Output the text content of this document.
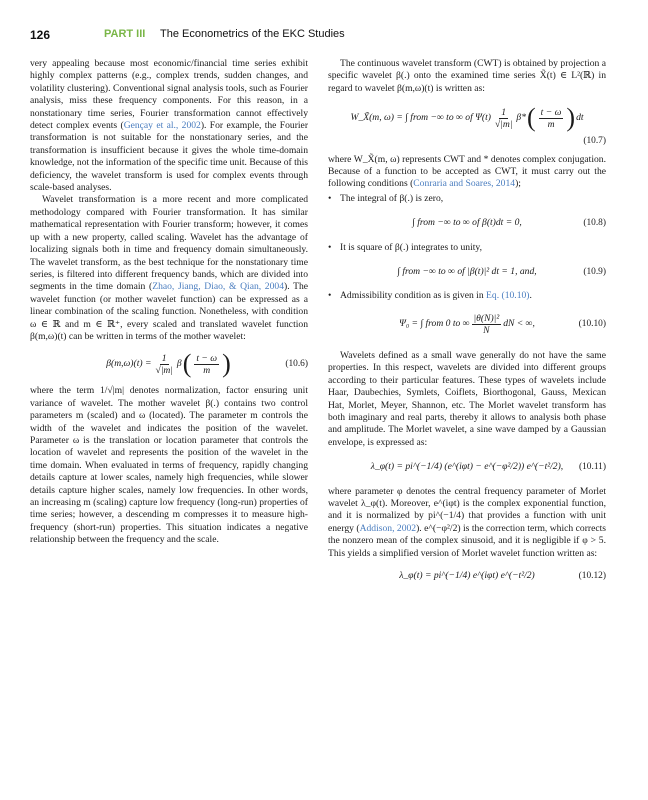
126	PART III The Econometrics of the EKC Studies

very appealing because most economic/financial time series exhibit highly complex patterns (e.g., complex trends, sudden changes, and volatility clustering). Conventional signal analysis tools, such as Fourier analysis, miss these frequency components. For this reason, in a nonstationary time series, Fourier transformation cannot effectively detect complex events (Gençay et al., 2002). For example, the Fourier transformation is not suitable for the nonstationary series, and the transformation is insufficient because it gives the whole time-domain knowledge, not the information of the specific time unit. Because of this deficiency, the wavelet transform is used for complex events through scale-based analyses.

Wavelet transformation is a more recent and more complicated methodology compared with Fourier transformation. It has similar mathematical representation with Fourier transform; however, it comes up with a new property, called scaling. Wavelet has the advantage of localizing signals both in time and frequency domain simultaneously. The wavelet transform, as the best technique for the nonstationary time series, is filtered into different frequency bands, which are divided into segments in the time domain (Zhao, Jiang, Diao, & Qian, 2004). The wavelet function (or mother wavelet function) can be expressed as a linear combination of the scaling function. Nonetheless, with condition ω ∈ ℝ and m ∈ ℝ⁺, every scaled and translated wavelet function β(m,ω)(t) can be written in terms of the mother wavelet:

$\beta(m,\omega)(t) = \frac{1}{√|m|}$ β ( $\frac{t - \omega}{m}$ )	(10.6)

where the term 1/√|m| denotes normalization, factor ensuring unit variance of wavelet. The mother wavelet β(.) contains two control parameters m (scaled) and ω (located). The parameter m controls the width of the wavelet and indicates the position of the wavelet. Parameter ω is the translation or location parameter that controls the location of wavelet and represents the position of the wavelet in the time domain. When evaluated in terms of frequency, rapidly changing details capture at lower scales, namely high frequencies, while slower details capture higher scales, namely low frequencies. In other words, an increasing m (scaling) capture low frequency (long-run) properties of time series; however, a descending m compresses it to measure high-frequency (short-run) properties. This situation indicates a negative relationship between the frequency and the scale.

The continuous wavelet transform (CWT) is obtained by projection a specific wavelet β(.) onto the examined time series X̃(t) ∈ L²(ℝ) in regard to wavelet β(m,ω)(t) is written as:

W_X̃(m, ω) =
∫ from −∞ to ∞ of $\Psi(t) \frac{1}{√|m|} \beta*$ ( $\frac{t - \omega}{m}$ ) dt
(10.7)

where W_X̃(m, ω) represents CWT and * denotes complex conjugation. Because of a function to be accepted as CWT, it must carry out the following conditions (Conraria and Soares, 2014);

• The integral of β(.) is zero,
∫ from −∞ to ∞ of β(t)dt = 0,	(10.8)
• It is square of β(.) integrates to unity,
∫ from −∞ to ∞ of |β(t)|² dt = 1, and,	(10.9)
• Admissibility condition as is given in Eq. (10.10).
Ψ₀ =
∫ from 0 to ∞ $\frac{\text{|θ(N)|²}}{N}$ dN < ∞,	(10.10)

Wavelets defined as a small wave generally do not have the same properties. In this respect, wavelets are divided into different groups according to their particular features. These types of wavelets include Haar, Daubechies, Symlets, Coiflets, Biorthogonal, Gauss, Mexican Hat, Morlet, Meyer, Shannon, etc. The Morlet wavelet transform has both imaginary and real parts, thereby it allows to analysis both phase and amplitude. The Morlet wavelet, a sine wave damped by a Gaussian envelope, is expressed as:

λ_φ(t) = pi^(−1/4) (e^(iφt) − e^(−φ²/2)) e^(−t²/2), (10.11)

where parameter φ denotes the central frequency parameter of Morlet wavelet λ_φ(t). Moreover, e^(iφt) is the complex exponential function, and it is normalized by pi^(−1/4) that provides a function with unit energy (Addison, 2002). e^(−φ²/2) is the correction term, which corrects the nonzero mean of the complex sinusoid, and it is negligible if φ > 5. This yields a simplified version of Morlet wavelet function written as:

λ_φ(t) = pi^(−1/4) e^(iφt) e^(−t²/2)	(10.12)
